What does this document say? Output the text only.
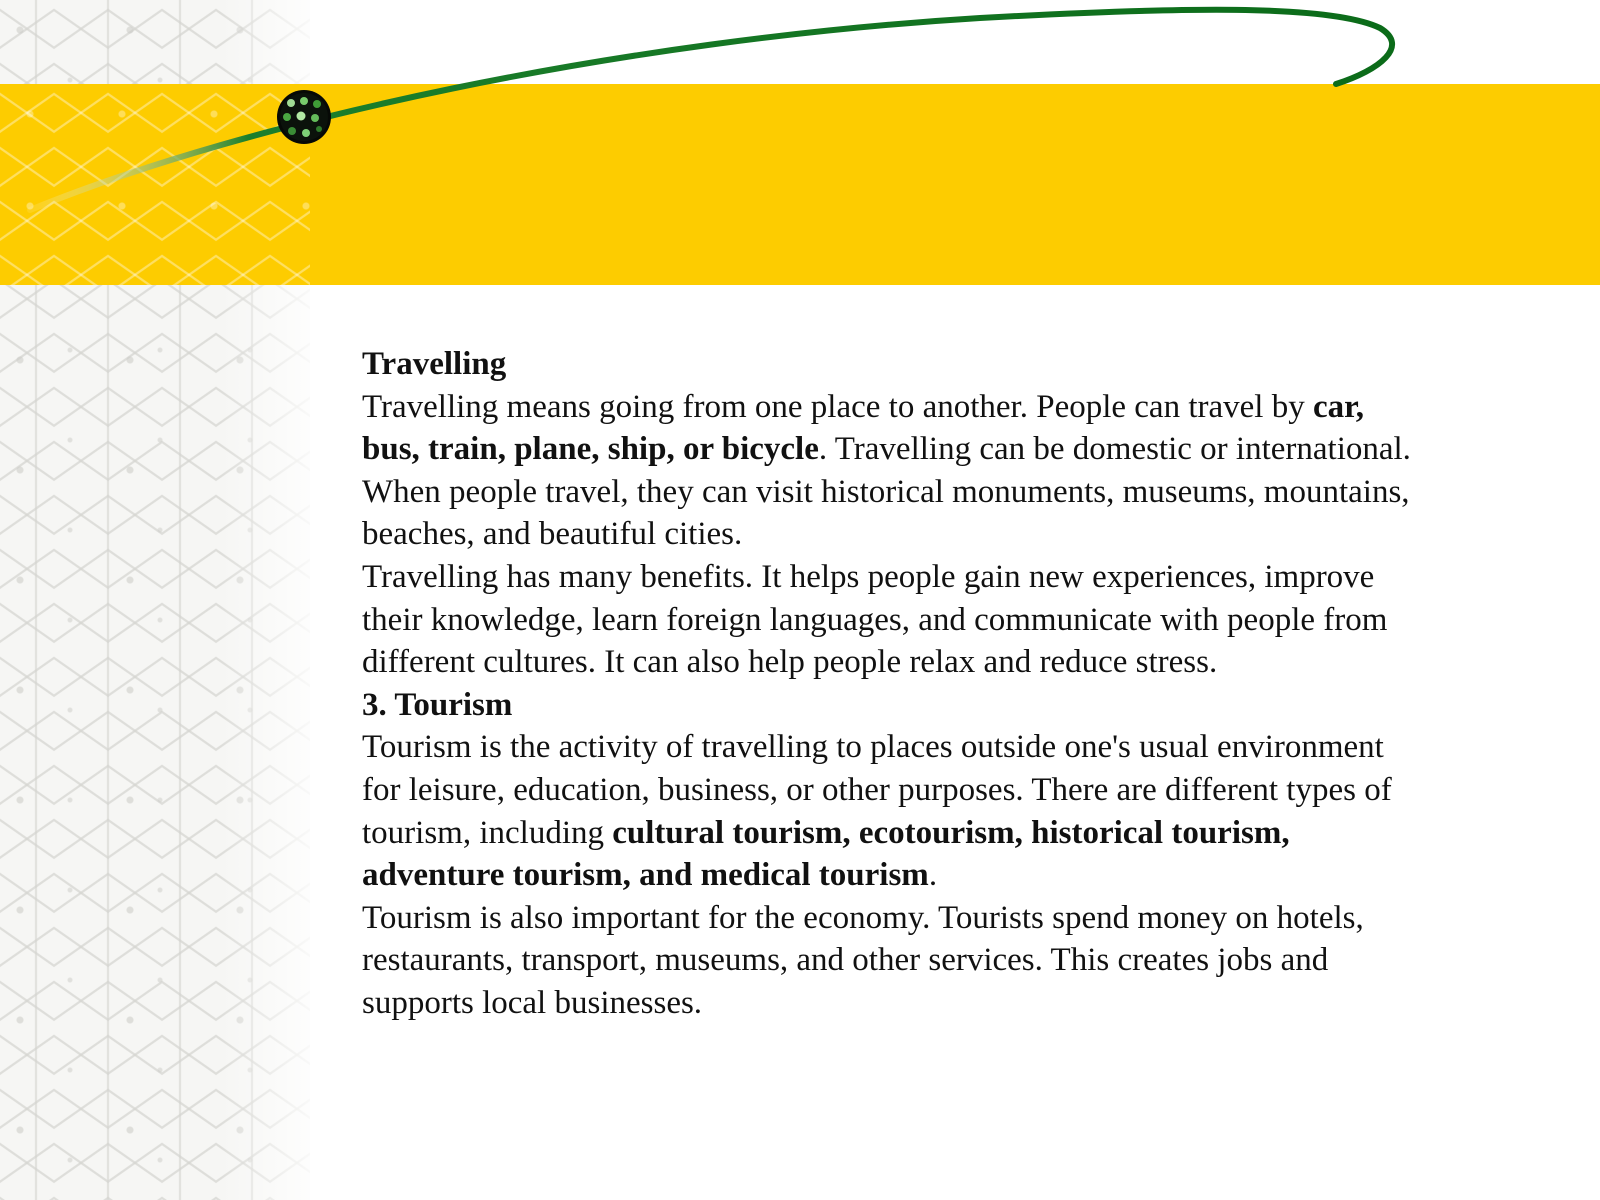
Travelling

Travelling means going from one place to another. People can travel by car, bus, train, plane, ship, or bicycle. Travelling can be domestic or international. When people travel, they can visit historical monuments, museums, mountains, beaches, and beautiful cities.

Travelling has many benefits. It helps people gain new experiences, improve their knowledge, learn foreign languages, and communicate with people from different cultures. It can also help people relax and reduce stress.

3. Tourism

Tourism is the activity of travelling to places outside one's usual environment for leisure, education, business, or other purposes. There are different types of tourism, including cultural tourism, ecotourism, historical tourism, adventure tourism, and medical tourism.

Tourism is also important for the economy. Tourists spend money on hotels, restaurants, transport, museums, and other services. This creates jobs and supports local businesses.
